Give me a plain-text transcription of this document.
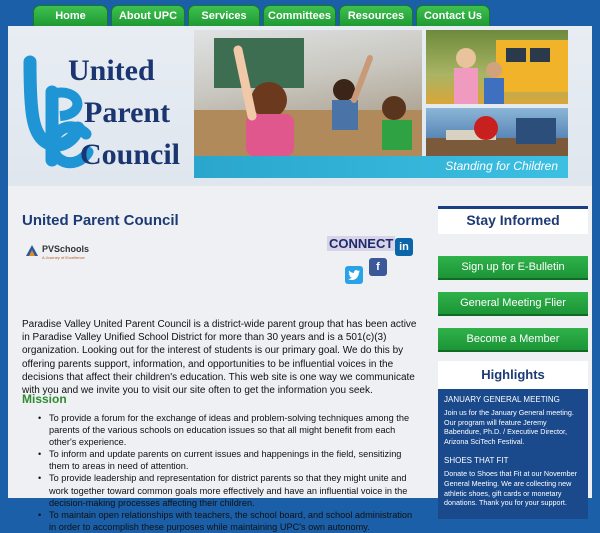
Home	About UPC	Services	Committees	Resources	Contact Us
United
Parent
Council	Standing for Children
United Parent Council
PVSchools
A Journey of Excellence
CONNECT in
f

Paradise Valley United Parent Council is a district-wide parent group that has been active in Paradise Valley Unified School District for more than 30 years and is a 501(c)(3) organization. Looking out for the interest of students is our primary goal. We do this by offering parents support, information, and opportunities to be influential voices in the decisions that affect their children's education. This web site is one way we communicate with you and we invite you to visit our site often to get the information you seek.

Mission
• To provide a forum for the exchange of ideas and problem-solving techniques among the parents of the various schools on education issues so that all might benefit from each other's experience.
• To inform and update parents on current issues and happenings in the field, sensitizing them to areas in need of attention.
• To provide leadership and representation for district parents so that they might unite and work together toward common goals more effectively and have an influential voice in the decision-making processes affecting their children.
• To maintain open relationships with teachers, the school board, and school administration in order to accomplish these purposes while maintaining UPC's own autonomy.
Stay Informed
Sign up for E-Bulletin
General Meeting Flier
Become a Member
Highlights
JANUARY GENERAL MEETING
Join us for the January General meeting. Our program will feature Jeremy Babendure, Ph.D. / Executive Director, Arizona SciTech Festival.
SHOES THAT FIT
Donate to Shoes that Fit at our November General Meeting. We are collecting new athletic shoes, gift cards or monetary donations. Thank you for your support.
